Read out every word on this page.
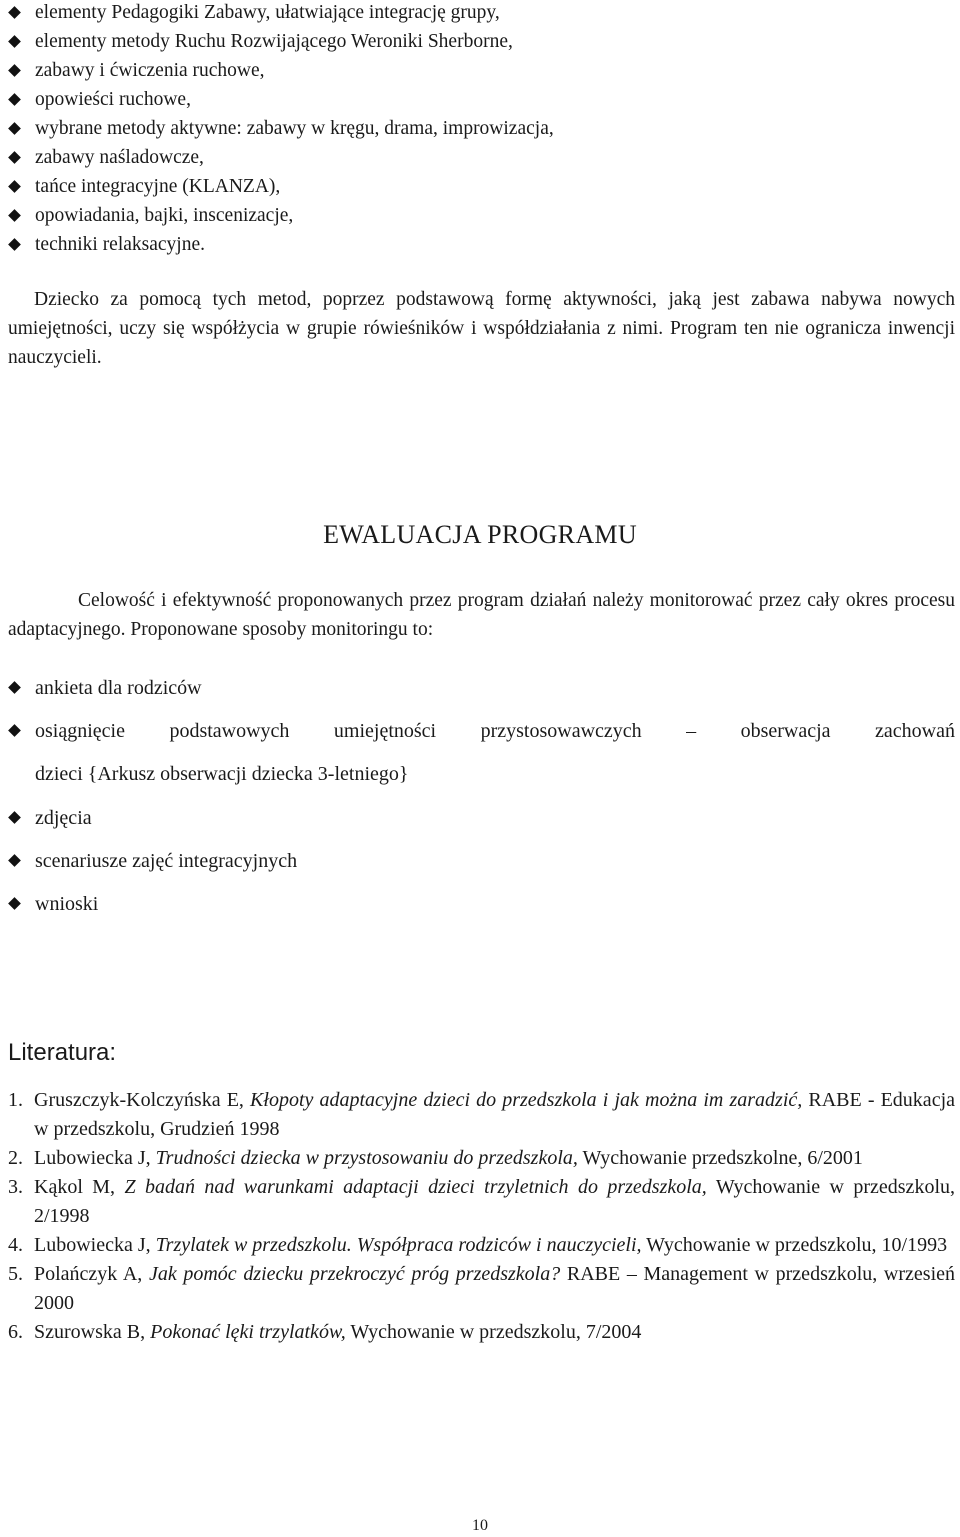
elementy Pedagogiki Zabawy, ułatwiające integrację grupy,
elementy metody Ruchu Rozwijającego Weroniki Sherborne,
zabawy i ćwiczenia ruchowe,
opowieści ruchowe,
wybrane metody aktywne: zabawy w kręgu, drama, improwizacja,
zabawy naśladowcze,
tańce integracyjne (KLANZA),
opowiadania, bajki, inscenizacje,
techniki relaksacyjne.

Dziecko za pomocą tych metod, poprzez podstawową formę aktywności, jaką jest zabawa nabywa nowych umiejętności, uczy się współżycia w grupie rówieśników i współdziałania z nimi. Program ten nie ogranicza inwencji nauczycieli.

EWALUACJA PROGRAMU

Celowość i efektywność proponowanych przez program działań należy monitorować przez cały okres procesu adaptacyjnego. Proponowane sposoby monitoringu to:

ankieta dla rodziców
osiągnięcie podstawowych umiejętności przystosowawczych – obserwacja zachowań
dzieci {Arkusz obserwacji dziecka 3-letniego}
zdjęcia
scenariusze zajęć integracyjnych
wnioski
Literatura:
1. Gruszczyk-Kolczyńska E, Kłopoty adaptacyjne dzieci do przedszkola i jak można im zaradzić, RABE - Edukacja w przedszkolu, Grudzień 1998
2. Lubowiecka J, Trudności dziecka w przystosowaniu do przedszkola, Wychowanie przedszkolne, 6/2001
3. Kąkol M, Z badań nad warunkami adaptacji dzieci trzyletnich do przedszkola, Wychowanie w przedszkolu, 2/1998
4. Lubowiecka J, Trzylatek w przedszkolu. Współpraca rodziców i nauczycieli, Wychowanie w przedszkolu, 10/1993
5. Polańczyk A, Jak pomóc dziecku przekroczyć próg przedszkola? RABE – Management w przedszkolu, wrzesień 2000
6. Szurowska B, Pokonać lęki trzylatków, Wychowanie w przedszkolu, 7/2004
10
